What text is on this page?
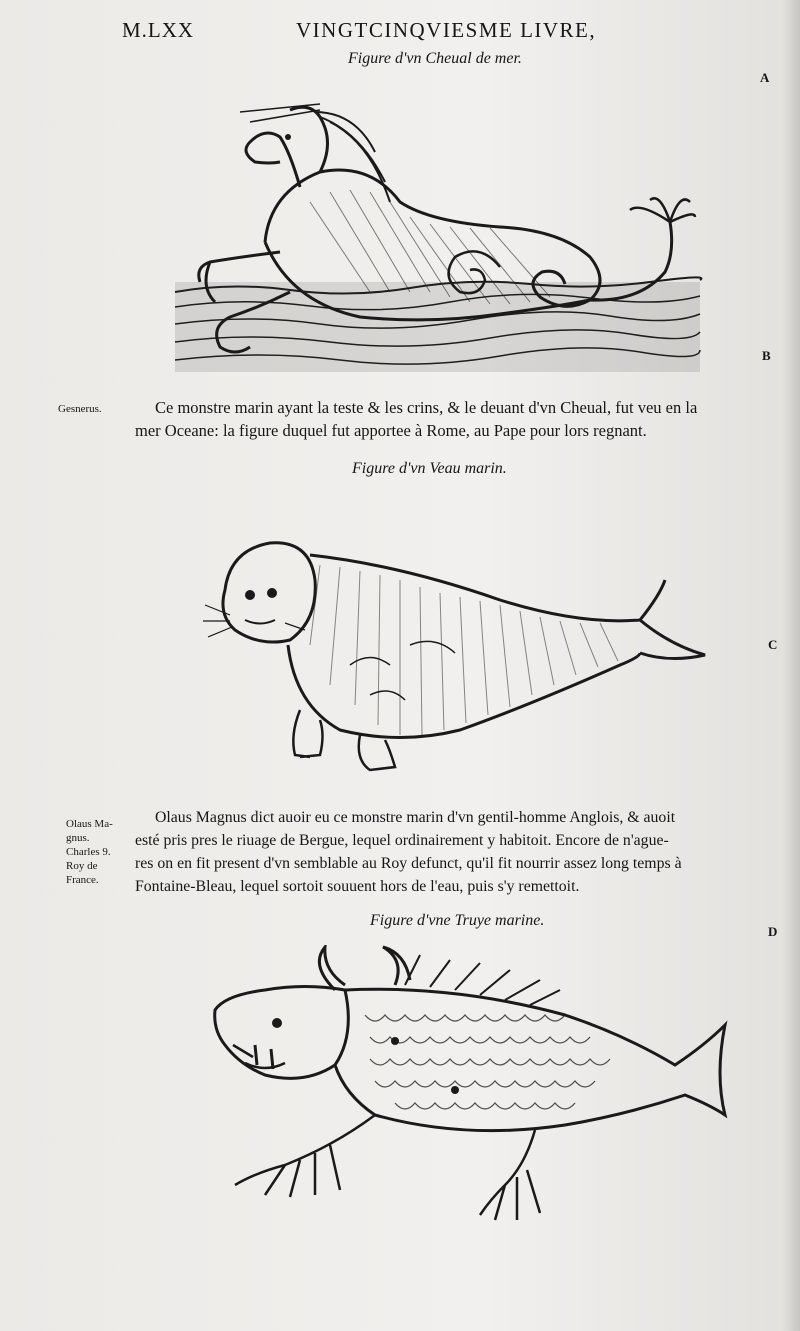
M.LXX	VINGTCINQVIESME LIVRE,
A
B
C
D
Figure d'vn Cheual de mer.
Gesnerus.	Ce monstre marin ayant la teste & les crins, & le deuant d'vn Cheual, fut veu en la
mer Oceane: la figure duquel fut apportee à Rome, au Pape pour lors regnant.
Figure d'vn Veau marin.
Olaus Ma-
gnus.
Charles 9.
Roy de
France.
Olaus Magnus dict auoir eu ce monstre marin d'vn gentil-homme Anglois, & auoit
esté pris pres le riuage de Bergue, lequel ordinairement y habitoit. Encore de n'ague-
res on en fit present d'vn semblable au Roy defunct, qu'il fit nourrir assez long temps à
Fontaine-Bleau, lequel sortoit souuent hors de l'eau, puis s'y remettoit.
Figure d'vne Truye marine.
